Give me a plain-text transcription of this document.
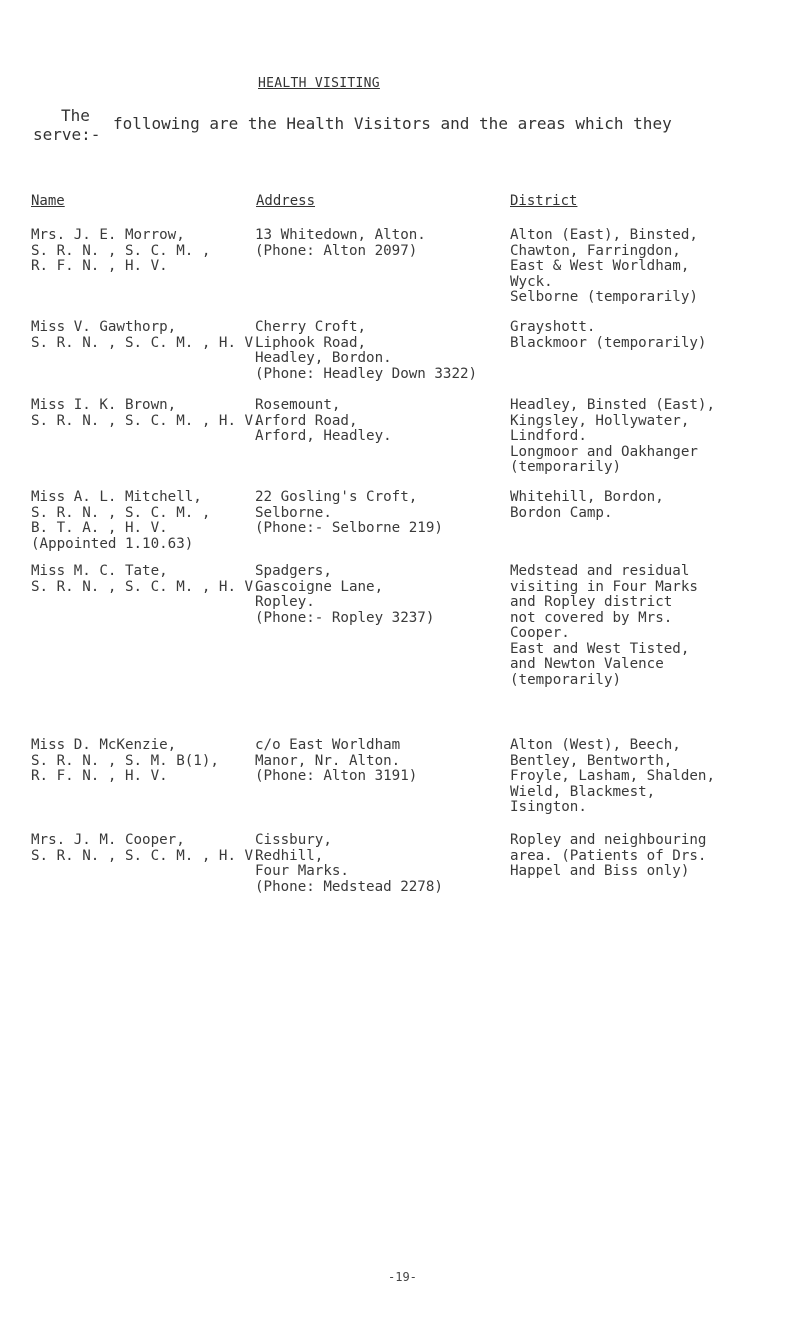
HEALTH VISITING
The following are the Health Visitors and the areas which they
serve:-
Name	Address	District
Mrs. J. E. Morrow,
S. R. N. , S. C. M. ,
R. F. N. , H. V.
13 Whitedown, Alton.
(Phone: Alton 2097)
Alton (East), Binsted,
Chawton, Farringdon,
East & West Worldham,
Wyck.
Selborne (temporarily)
Miss V. Gawthorp,
S. R. N. , S. C. M. , H. V.
Cherry Croft,
Liphook Road,
Headley, Bordon.
(Phone: Headley Down 3322)
Grayshott.
Blackmoor (temporarily)
Miss I. K. Brown,
S. R. N. , S. C. M. , H. V.
Rosemount,
Arford Road,
Arford, Headley.
Headley, Binsted (East),
Kingsley, Hollywater,
Lindford.
Longmoor and Oakhanger
(temporarily)
Miss A. L. Mitchell,
S. R. N. , S. C. M. ,
B. T. A. , H. V.
(Appointed 1.10.63)
22 Gosling's Croft,
Selborne.
(Phone:- Selborne 219)
Whitehill, Bordon,
Bordon Camp.
Miss M. C. Tate,
S. R. N. , S. C. M. , H. V.
Spadgers,
Gascoigne Lane,
Ropley.
(Phone:- Ropley 3237)
Medstead and residual
visiting in Four Marks
and Ropley district
not covered by Mrs.
Cooper.
East and West Tisted,
and Newton Valence
(temporarily)
Miss D. McKenzie,
S. R. N. , S. M. B(1),
R. F. N. , H. V.
c/o East Worldham
Manor, Nr. Alton.
(Phone: Alton 3191)
Alton (West), Beech,
Bentley, Bentworth,
Froyle, Lasham, Shalden,
Wield, Blackmest,
Isington.
Mrs. J. M. Cooper,
S. R. N. , S. C. M. , H. V.
Cissbury,
Redhill,
Four Marks.
(Phone: Medstead 2278)
Ropley and neighbouring
area. (Patients of Drs.
Happel and Biss only)
-19-
